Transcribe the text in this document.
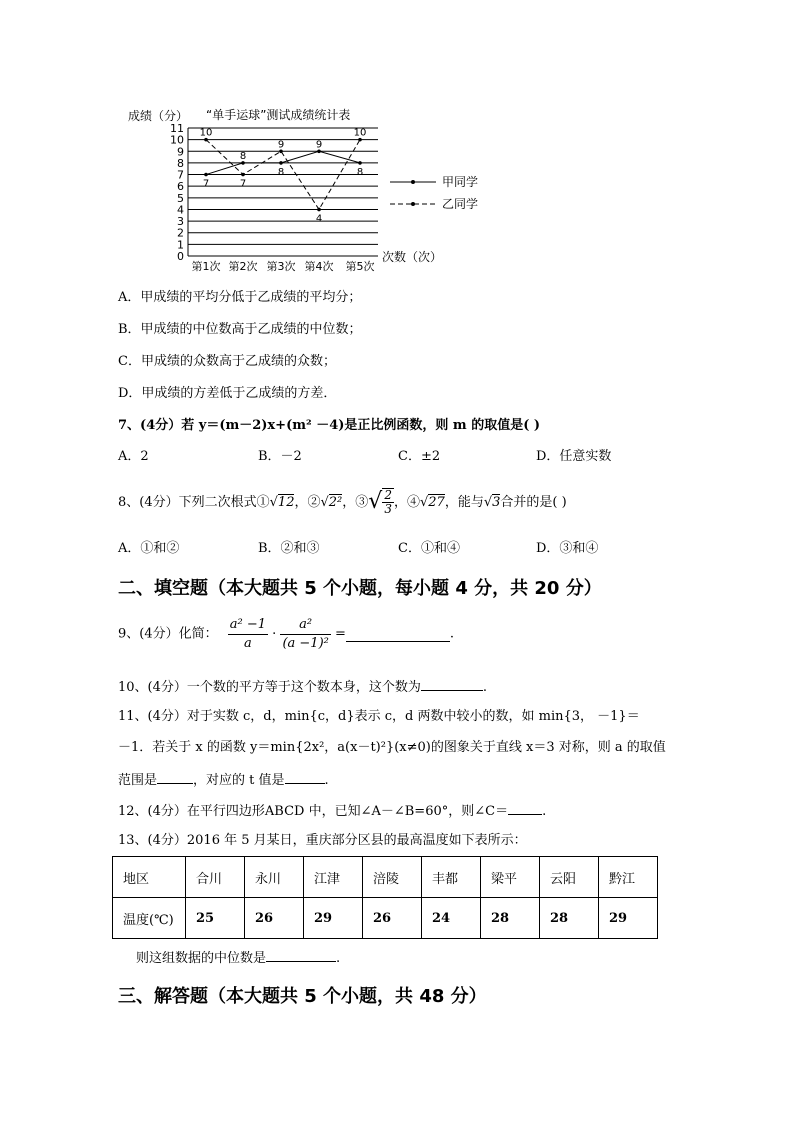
成绩（分） “单手运球”测试成绩统计表
0
1
2
3
4
5
6
7
8
9
10
11
第1次 第2次 第3次 第4次 第5次
7
8
8
9
8
10
7
9
4
10
次数（次）
甲同学
乙同学
A．甲成绩的平均分低于乙成绩的平均分；
B．甲成绩的中位数高于乙成绩的中位数；
C．甲成绩的众数高于乙成绩的众数；
D．甲成绩的方差低于乙成绩的方差．
7、(4分）若 y＝(m－2)x+(m² －4)是正比例函数，则 m 的取值是( )
A．2	B．－2	C．±2	D．任意实数
8、(4分）下列二次根式①√12，②√2²，③√ $\frac{2}{3}$ ，④√27，能与√3合并的是( )
A．①和②	B．②和③	C．①和④	D．③和④
二、填空题（本大题共 5 个小题，每小题 4 分，共 20 分）
9、(4分）化简： $\frac{\text{a² −1}}{a} \cdot \frac{\text{a²}}{\text{(a −1)²}}$ =	.
10、(4分）一个数的平方等于这个数本身，这个数为	.
11、(4分）对于实数 c，d，min{c，d}表示 c，d 两数中较小的数，如 min{3， －1}＝
－1．若关于 x 的函数 y＝min{2x²，a(x－t)²}(x≠0)的图象关于直线 x＝3 对称，则 a 的取值
范围是	，对应的 t 值是	.
12、(4分）在平行四边形ABCD 中，已知∠A－∠B=60°，则∠C＝	.
13、(4分）2016 年 5 月某日，重庆部分区县的最高温度如下表所示：
地区	合川	永川	江津	涪陵	丰都	梁平	云阳	黔江
温度(℃)	25	26	29	26	24	28	28	29
则这组数据的中位数是	.
三、解答题（本大题共 5 个小题，共 48 分）
